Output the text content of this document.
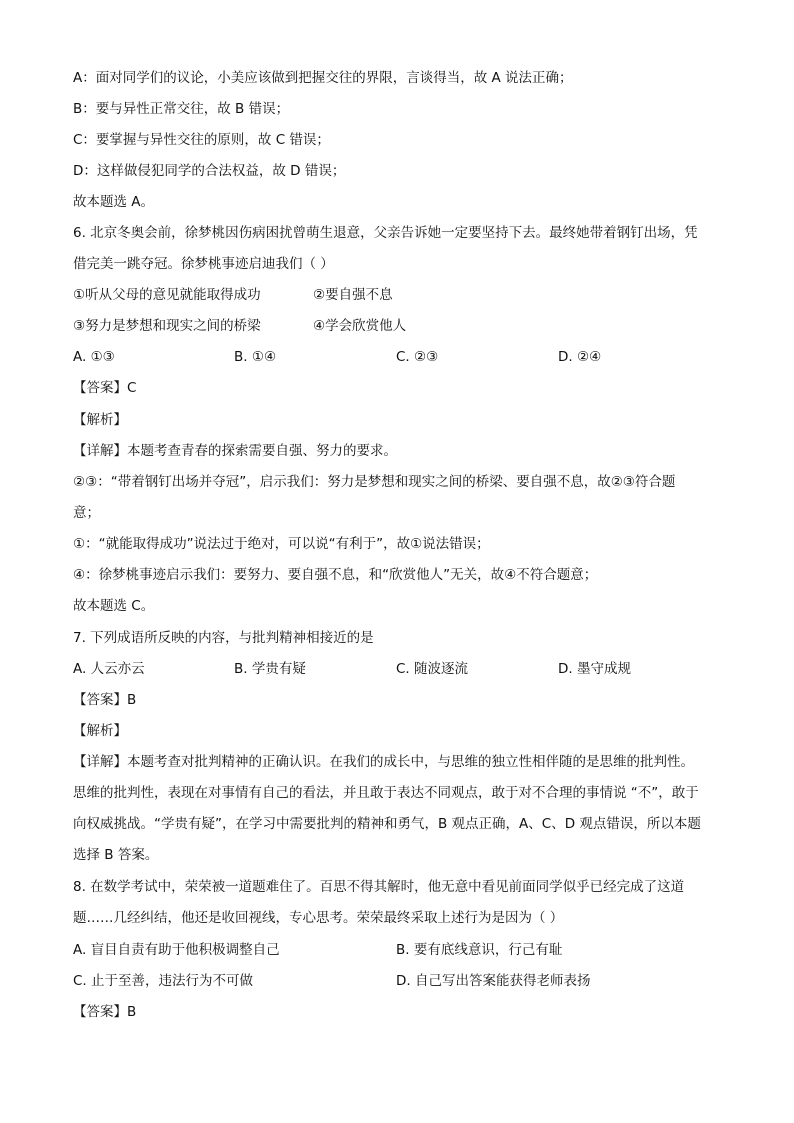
A：面对同学们的议论，小美应该做到把握交往的界限，言谈得当，故 A 说法正确；
B：要与异性正常交往，故 B 错误；
C：要掌握与异性交往的原则，故 C 错误；
D：这样做侵犯同学的合法权益，故 D 错误；
故本题选 A。
6. 北京冬奥会前，徐梦桃因伤病困扰曾萌生退意，父亲告诉她一定要坚持下去。最终她带着钢钉出场，凭
借完美一跳夺冠。徐梦桃事迹启迪我们（ ）
①听从父母的意见就能取得成功	②要自强不息
③努力是梦想和现实之间的桥梁	④学会欣赏他人
A. ①③	B. ①④	C. ②③	D. ②④
【答案】C
【解析】
【详解】本题考查青春的探索需要自强、努力的要求。
②③：“带着钢钉出场并夺冠”，启示我们：努力是梦想和现实之间的桥梁、要自强不息，故②③符合题
意；
①：“就能取得成功”说法过于绝对，可以说“有利于”，故①说法错误；
④：徐梦桃事迹启示我们：要努力、要自强不息，和“欣赏他人”无关，故④不符合题意；
故本题选 C。
7. 下列成语所反映的内容，与批判精神相接近的是
A. 人云亦云	B. 学贵有疑	C. 随波逐流	D. 墨守成规
【答案】B
【解析】
【详解】本题考查对批判精神的正确认识。在我们的成长中，与思维的独立性相伴随的是思维的批判性。
思维的批判性，表现在对事情有自己的看法，并且敢于表达不同观点，敢于对不合理的事情说 “不”，敢于
向权威挑战。“学贵有疑”，在学习中需要批判的精神和勇气，B 观点正确，A、C、D 观点错误，所以本题
选择 B 答案。
8. 在数学考试中，荣荣被一道题难住了。百思不得其解时，他无意中看见前面同学似乎已经完成了这道
题……几经纠结，他还是收回视线，专心思考。荣荣最终采取上述行为是因为（ ）
A. 盲目自责有助于他积极调整自己	B. 要有底线意识，行己有耻
C. 止于至善，违法行为不可做	D. 自己写出答案能获得老师表扬
【答案】B
